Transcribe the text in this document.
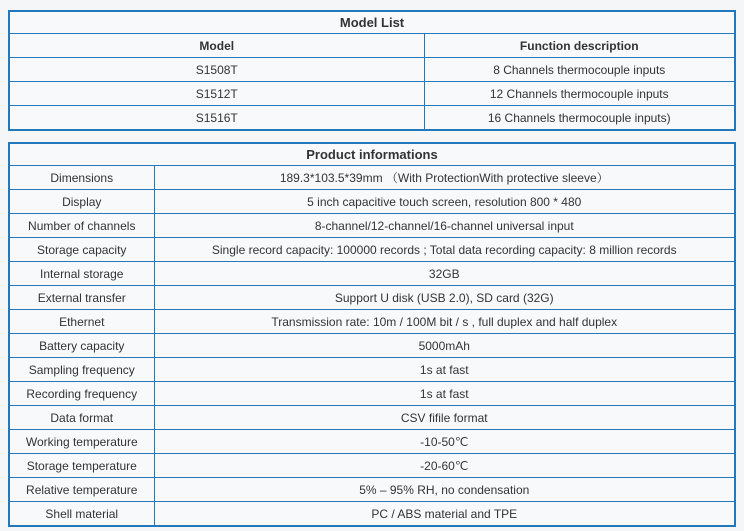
Model List	
Model	Function description
S1508T	8 Channels thermocouple inputs
S1512T	12 Channels thermocouple inputs
S1516T	16 Channels thermocouple inputs)
Product informations	
Dimensions	189.3*103.5*39mm （With ProtectionWith protective sleeve）
Display	5 inch capacitive touch screen, resolution 800 * 480
Number of channels	8-channel/12-channel/16-channel universal input
Storage capacity	Single record capacity: 100000 records ; Total data recording capacity: 8 million records
Internal storage	32GB
External transfer	Support U disk (USB 2.0), SD card (32G)
Ethernet	Transmission rate: 10m / 100M bit / s , full duplex and half duplex
Battery capacity	5000mAh
Sampling frequency	1s at fast
Recording frequency	1s at fast
Data format	CSV fifile format
Working temperature	-10-50℃
Storage temperature	-20-60℃
Relative temperature	5% – 95% RH, no condensation
Shell material	PC / ABS material and TPE
